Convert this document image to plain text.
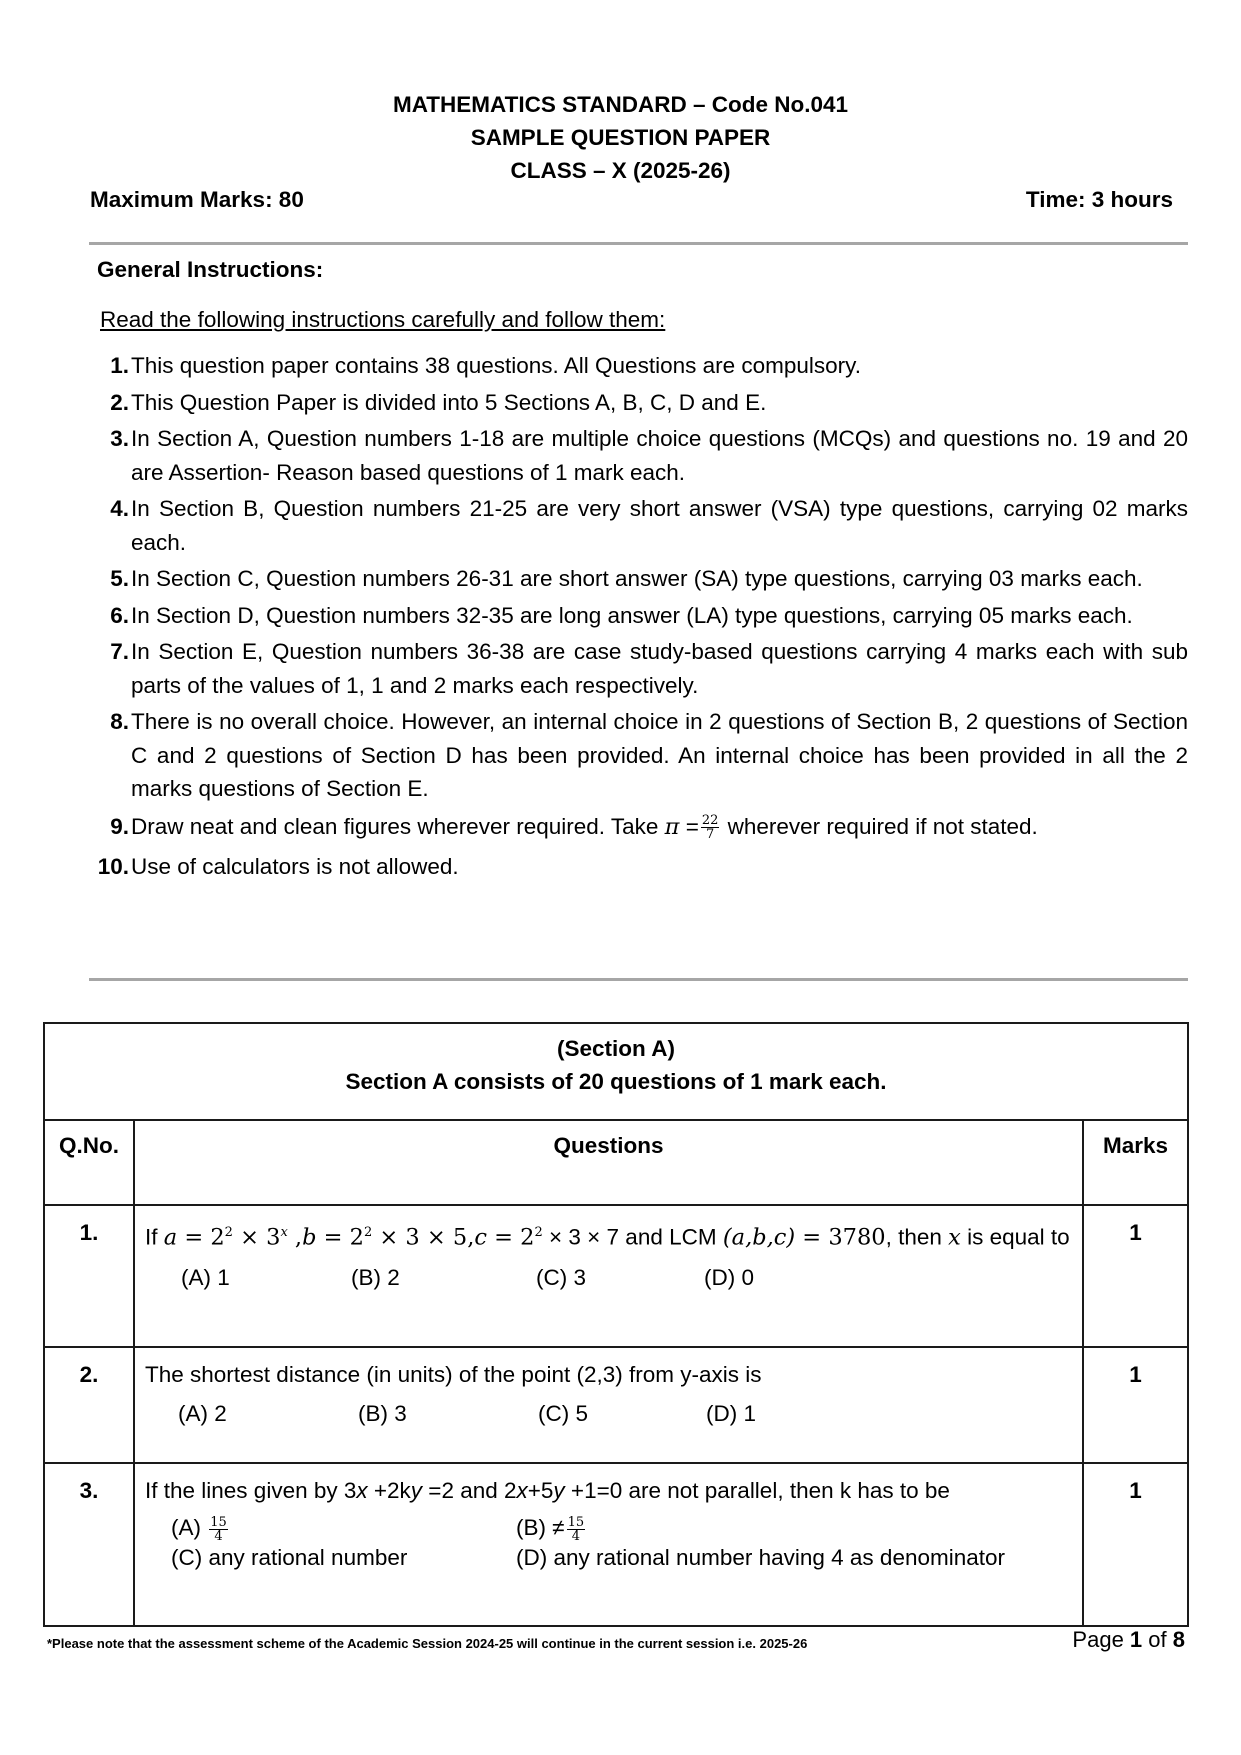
MATHEMATICS STANDARD – Code No.041
SAMPLE QUESTION PAPER
CLASS – X (2025-26)
Maximum Marks: 80	Time: 3 hours
General Instructions:
Read the following instructions carefully and follow them:
1. This question paper contains 38 questions. All Questions are compulsory.
2. This Question Paper is divided into 5 Sections A, B, C, D and E.
3. In Section A, Question numbers 1-18 are multiple choice questions (MCQs) and questions no. 19 and 20 are Assertion- Reason based questions of 1 mark each.
4. In Section B, Question numbers 21-25 are very short answer (VSA) type questions, carrying 02 marks each.
5. In Section C, Question numbers 26-31 are short answer (SA) type questions, carrying 03 marks each.
6. In Section D, Question numbers 32-35 are long answer (LA) type questions, carrying 05 marks each.
7. In Section E, Question numbers 36-38 are case study-based questions carrying 4 marks each with sub parts of the values of 1, 1 and 2 marks each respectively.
8. There is no overall choice. However, an internal choice in 2 questions of Section B, 2 questions of Section C and 2 questions of Section D has been provided. An internal choice has been provided in all the 2 marks questions of Section E.
9. Draw neat and clean figures wherever required. Take $\pi = \frac{22}{7}$ wherever required if not stated.
10. Use of calculators is not allowed.
(Section A)
Section A consists of 20 questions of 1 mark each.		

Q.No.	Questions	Marks
1.	If $a = 2^2 \times 3^x$ $,b = 2^2 \times 3 \times 5,c = 2^2 \times 3 \times 7$ and LCM (a,b,c) = 3780, then x is equal to
(A) 1 (B) 2 (C) 3 (D) 0	1
2.	The shortest distance (in units) of the point (2,3) from y-axis is
(A) 2 (B) 3 (C) 5 (D) 1	1
3.	If the lines given by 3x +2ky =2 and 2x+5y +1=0 are not parallel, then k has to be
$(A) \frac{15}{4}$	$(B) \ne \frac{15}{4}$
(C) any rational number	(D) any rational number having 4 as denominator
	1
*Please note that the assessment scheme of the Academic Session 2024-25 will continue in the current session i.e. 2025-26	Page 1 of 8
